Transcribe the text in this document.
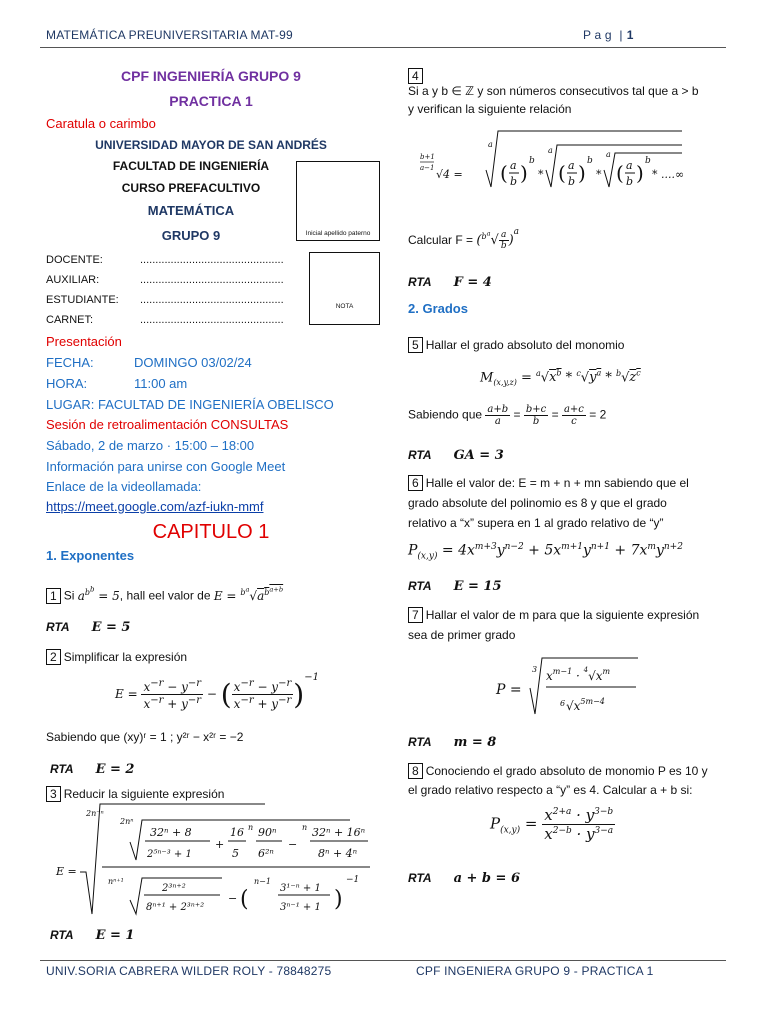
MATEMÁTICA PREUNIVERSITARIA MAT-99	P a g | 1
CPF INGENIERÍA GRUPO 9
PRACTICA 1
Caratula o carimbo
UNIVERSIDAD MAYOR DE SAN ANDRÉS
FACULTAD DE INGENIERÍA
CURSO PREFACULTIVO
MATEMÁTICA
GRUPO 9	Inicial apellido paterno
NOTA
DOCENTE:	...............................................
AUXILIAR:	...............................................
ESTUDIANTE:	...............................................
CARNET:	...............................................
Presentación
FECHA:	DOMINGO 03/02/24
HORA:	11:00 am
LUGAR: FACULTAD DE INGENIERÍA OBELISCO
Sesión de retroalimentación CONSULTAS
Sábado, 2 de marzo · 15:00 – 18:00
Información para unirse con Google Meet
Enlace de la videollamada:
https://meet.google.com/azf-iukn-mmf
CAPITULO 1
1. Exponentes
1 Si $a^{b^b} = 5$, hall eel valor de $E = ^{b^a}√a^{b^{a+b}}$
RTA E = 5
2 Simplificar la expresión
$E = \frac{x^{-r} - y^{-r}}{x^{-r} + y^{-r}}$ − ( $\frac{x^{-r} - y^{-r}}{x^{-r} + y^{-r}} )^{-1}$
Sabiendo que (xy)ʳ = 1 ; y²ʳ − x²ʳ = −2
RTA E = 2
3 Reducir la siguiente expresión
E =
2n⁻ⁿ
2nⁿ
32ⁿ + 8
2⁵ⁿ⁻³ + 1
+
16
5
n 90ⁿ
6²ⁿ
−
n 32ⁿ + 16ⁿ
8ⁿ + 4ⁿ
nⁿ⁺¹
2³ⁿ⁺²
8ⁿ⁺¹ + 2³ⁿ⁺²
− (
n−1
3¹⁻ⁿ + 1
3ⁿ⁻¹ + 1 )
−1
RTA E = 1
4
Si a y b ∈ ℤ y son números consecutivos tal que a > b
y verifican la siguiente relación
b+1
a−1 √4 =
a
( a
b ) b
*
a
( a
b ) b
*
a
( a
b ) b
* ....∞
Calcular $F = (^{b^a}√ \frac{a}{b} )^a$
RTA F = 4
2. Grados
5 Hallar el grado absoluto del monomio
$M_{(x,y,z)} = ^a√x^b * ^c√y^a * ^b√z^c$
Sabiendo que $\frac{a+b}{a} = \frac{b+c}{b} = \frac{a+c}{c} = 2$
RTA GA = 3
6 Halle el valor de: E = m + n + mn sabiendo que el
grado absolute del polinomio es 8 y que el grado
relativo a “x” supera en 1 al grado relativo de “y”
$P_{(x,y)} = 4x^{m+3}y^{n-2} + 5x^{m+1}y^{n+1} + 7x^my^{n+2}$
RTA E = 15
7 Hallar el valor de m para que la siguiente expresión
sea de primer grado
P =
3 $x^{m-1} \cdot ^4√x^m$
6 $√x^{5m-4}$
RTA m = 8
8 Conociendo el grado absoluto de monomio P es 10 y
el grado relativo respecto a “y” es 4. Calcular a + b si:
$P_{(x,y)} = \frac{x^{2+a} \cdot y^{3-b}}{x^{2-b} \cdot y^{3-a}}$
RTA a + b = 6
UNIV.SORIA CABRERA WILDER ROLY - 78848275	CPF INGENIERA GRUPO 9 - PRACTICA 1
